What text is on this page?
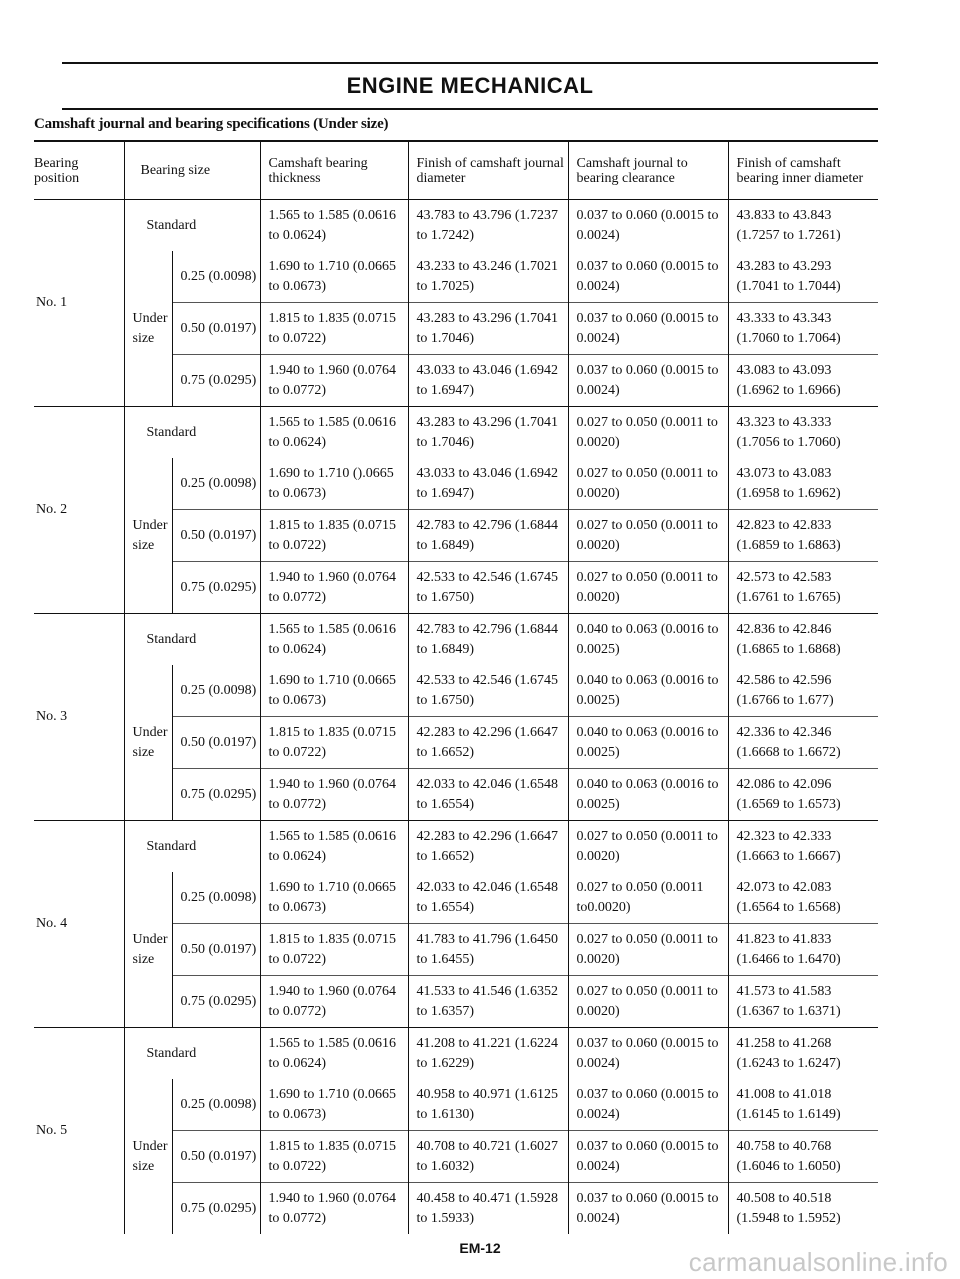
ENGINE MECHANICAL
Camshaft journal and bearing specifications (Under size)
Bearing position	Bearing size		Camshaft bearing thickness	Finish of camshaft journal diameter	Camshaft journal to bearing clearance	Finish of camshaft bearing inner diameter
No. 1	Standard		1.565 to 1.585 (0.0616 to 0.0624)	43.783 to 43.796 (1.7237 to 1.7242)	0.037 to 0.060 (0.0015 to 0.0024)	43.833 to 43.843 (1.7257 to 1.7261)
	Under size	0.25 (0.0098)	1.690 to 1.710 (0.0665 to 0.0673)	43.233 to 43.246 (1.7021 to 1.7025)	0.037 to 0.060 (0.0015 to 0.0024)	43.283 to 43.293 (1.7041 to 1.7044)
		0.50 (0.0197)	1.815 to 1.835 (0.0715 to 0.0722)	43.283 to 43.296 (1.7041 to 1.7046)	0.037 to 0.060 (0.0015 to 0.0024)	43.333 to 43.343 (1.7060 to 1.7064)
		0.75 (0.0295)	1.940 to 1.960 (0.0764 to 0.0772)	43.033 to 43.046 (1.6942 to 1.6947)	0.037 to 0.060 (0.0015 to 0.0024)	43.083 to 43.093 (1.6962 to 1.6966)
No. 2	Standard		1.565 to 1.585 (0.0616 to 0.0624)	43.283 to 43.296 (1.7041 to 1.7046)	0.027 to 0.050 (0.0011 to 0.0020)	43.323 to 43.333 (1.7056 to 1.7060)
	Under size	0.25 (0.0098)	1.690 to 1.710 ().0665 to 0.0673)	43.033 to 43.046 (1.6942 to 1.6947)	0.027 to 0.050 (0.0011 to 0.0020)	43.073 to 43.083 (1.6958 to 1.6962)
		0.50 (0.0197)	1.815 to 1.835 (0.0715 to 0.0722)	42.783 to 42.796 (1.6844 to 1.6849)	0.027 to 0.050 (0.0011 to 0.0020)	42.823 to 42.833 (1.6859 to 1.6863)
		0.75 (0.0295)	1.940 to 1.960 (0.0764 to 0.0772)	42.533 to 42.546 (1.6745 to 1.6750)	0.027 to 0.050 (0.0011 to 0.0020)	42.573 to 42.583 (1.6761 to 1.6765)
No. 3	Standard		1.565 to 1.585 (0.0616 to 0.0624)	42.783 to 42.796 (1.6844 to 1.6849)	0.040 to 0.063 (0.0016 to 0.0025)	42.836 to 42.846 (1.6865 to 1.6868)
	Under size	0.25 (0.0098)	1.690 to 1.710 (0.0665 to 0.0673)	42.533 to 42.546 (1.6745 to 1.6750)	0.040 to 0.063 (0.0016 to 0.0025)	42.586 to 42.596 (1.6766 to 1.677)
		0.50 (0.0197)	1.815 to 1.835 (0.0715 to 0.0722)	42.283 to 42.296 (1.6647 to 1.6652)	0.040 to 0.063 (0.0016 to 0.0025)	42.336 to 42.346 (1.6668 to 1.6672)
		0.75 (0.0295)	1.940 to 1.960 (0.0764 to 0.0772)	42.033 to 42.046 (1.6548 to 1.6554)	0.040 to 0.063 (0.0016 to 0.0025)	42.086 to 42.096 (1.6569 to 1.6573)
No. 4	Standard		1.565 to 1.585 (0.0616 to 0.0624)	42.283 to 42.296 (1.6647 to 1.6652)	0.027 to 0.050 (0.0011 to 0.0020)	42.323 to 42.333 (1.6663 to 1.6667)
	Under size	0.25 (0.0098)	1.690 to 1.710 (0.0665 to 0.0673)	42.033 to 42.046 (1.6548 to 1.6554)	0.027 to 0.050 (0.0011 to0.0020)	42.073 to 42.083 (1.6564 to 1.6568)
		0.50 (0.0197)	1.815 to 1.835 (0.0715 to 0.0722)	41.783 to 41.796 (1.6450 to 1.6455)	0.027 to 0.050 (0.0011 to 0.0020)	41.823 to 41.833 (1.6466 to 1.6470)
		0.75 (0.0295)	1.940 to 1.960 (0.0764 to 0.0772)	41.533 to 41.546 (1.6352 to 1.6357)	0.027 to 0.050 (0.0011 to 0.0020)	41.573 to 41.583 (1.6367 to 1.6371)
No. 5	Standard		1.565 to 1.585 (0.0616 to 0.0624)	41.208 to 41.221 (1.6224 to 1.6229)	0.037 to 0.060 (0.0015 to 0.0024)	41.258 to 41.268 (1.6243 to 1.6247)
	Under size	0.25 (0.0098)	1.690 to 1.710 (0.0665 to 0.0673)	40.958 to 40.971 (1.6125 to 1.6130)	0.037 to 0.060 (0.0015 to 0.0024)	41.008 to 41.018 (1.6145 to 1.6149)
		0.50 (0.0197)	1.815 to 1.835 (0.0715 to 0.0722)	40.708 to 40.721 (1.6027 to 1.6032)	0.037 to 0.060 (0.0015 to 0.0024)	40.758 to 40.768 (1.6046 to 1.6050)
		0.75 (0.0295)	1.940 to 1.960 (0.0764 to 0.0772)	40.458 to 40.471 (1.5928 to 1.5933)	0.037 to 0.060 (0.0015 to 0.0024)	40.508 to 40.518 (1.5948 to 1.5952)
EM-12	carmanualsonline.info
